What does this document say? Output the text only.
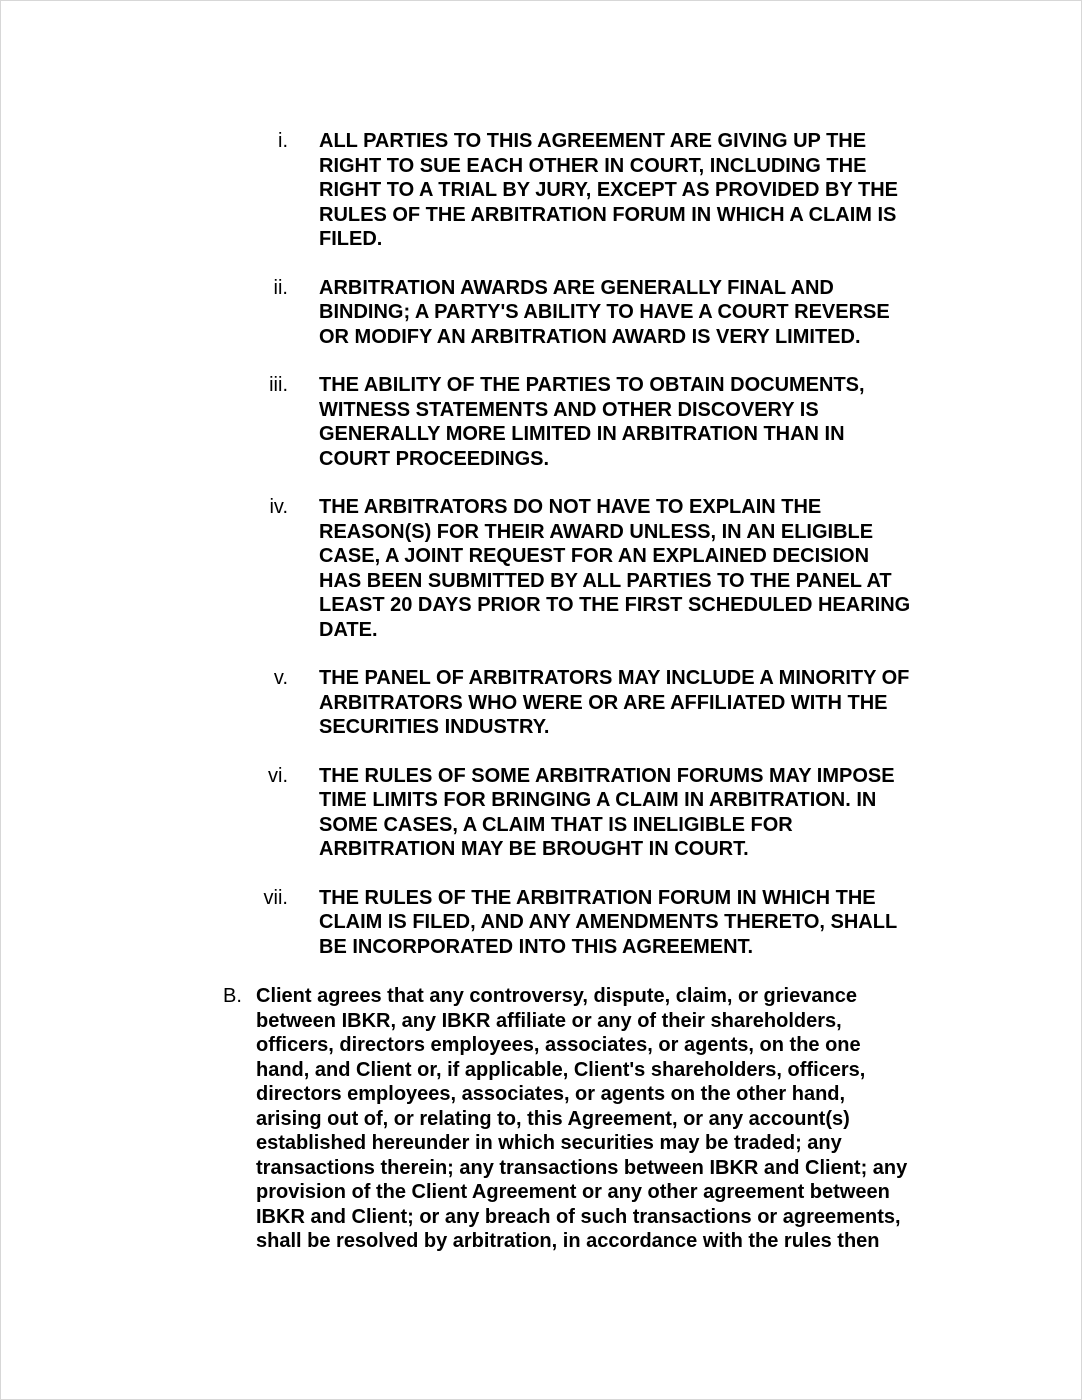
i. ALL PARTIES TO THIS AGREEMENT ARE GIVING UP THE
RIGHT TO SUE EACH OTHER IN COURT, INCLUDING THE
RIGHT TO A TRIAL BY JURY, EXCEPT AS PROVIDED BY THE
RULES OF THE ARBITRATION FORUM IN WHICH A CLAIM IS
FILED.
ii. ARBITRATION AWARDS ARE GENERALLY FINAL AND
BINDING; A PARTY'S ABILITY TO HAVE A COURT REVERSE
OR MODIFY AN ARBITRATION AWARD IS VERY LIMITED.
iii. THE ABILITY OF THE PARTIES TO OBTAIN DOCUMENTS,
WITNESS STATEMENTS AND OTHER DISCOVERY IS
GENERALLY MORE LIMITED IN ARBITRATION THAN IN
COURT PROCEEDINGS.
iv. THE ARBITRATORS DO NOT HAVE TO EXPLAIN THE
REASON(S) FOR THEIR AWARD UNLESS, IN AN ELIGIBLE
CASE, A JOINT REQUEST FOR AN EXPLAINED DECISION
HAS BEEN SUBMITTED BY ALL PARTIES TO THE PANEL AT
LEAST 20 DAYS PRIOR TO THE FIRST SCHEDULED HEARING
DATE.
v. THE PANEL OF ARBITRATORS MAY INCLUDE A MINORITY OF
ARBITRATORS WHO WERE OR ARE AFFILIATED WITH THE
SECURITIES INDUSTRY.
vi. THE RULES OF SOME ARBITRATION FORUMS MAY IMPOSE
TIME LIMITS FOR BRINGING A CLAIM IN ARBITRATION. IN
SOME CASES, A CLAIM THAT IS INELIGIBLE FOR
ARBITRATION MAY BE BROUGHT IN COURT.
vii. THE RULES OF THE ARBITRATION FORUM IN WHICH THE
CLAIM IS FILED, AND ANY AMENDMENTS THERETO, SHALL
BE INCORPORATED INTO THIS AGREEMENT.
B. Client agrees that any controversy, dispute, claim, or grievance
between IBKR, any IBKR affiliate or any of their shareholders,
officers, directors employees, associates, or agents, on the one
hand, and Client or, if applicable, Client's shareholders, officers,
directors employees, associates, or agents on the other hand,
arising out of, or relating to, this Agreement, or any account(s)
established hereunder in which securities may be traded; any
transactions therein; any transactions between IBKR and Client; any
provision of the Client Agreement or any other agreement between
IBKR and Client; or any breach of such transactions or agreements,
shall be resolved by arbitration, in accordance with the rules then
